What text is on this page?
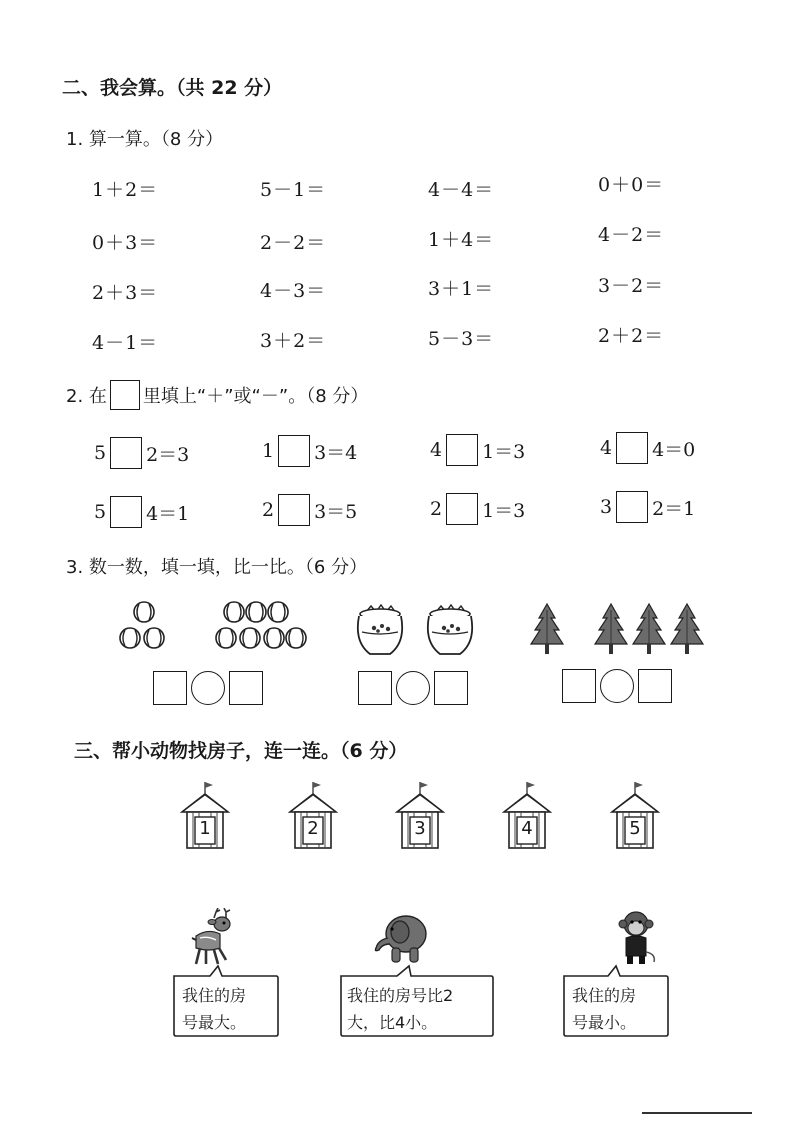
二、我会算。（共 22 分）
1. 算一算。（8 分）
1＋2＝	5－1＝	4－4＝	0＋0＝
0＋3＝	2－2＝	1＋4＝	4－2＝
2＋3＝	4－3＝	3＋1＝	3－2＝
4－1＝	3＋2＝	5－3＝	2＋2＝
2. 在 里填上“＋”或“－”。（8 分）
5 2＝3	1 3＝4	4 1＝3	4 4＝0
5 4＝1	2 3＝5	2 1＝3	3 2＝1
3. 数一数，填一填，比一比。（6 分）
三、帮小动物找房子，连一连。（6 分）
1	2	3	4	5
我住的房
号最大。
我住的房号比2
大，比4小。
我住的房
号最小。
